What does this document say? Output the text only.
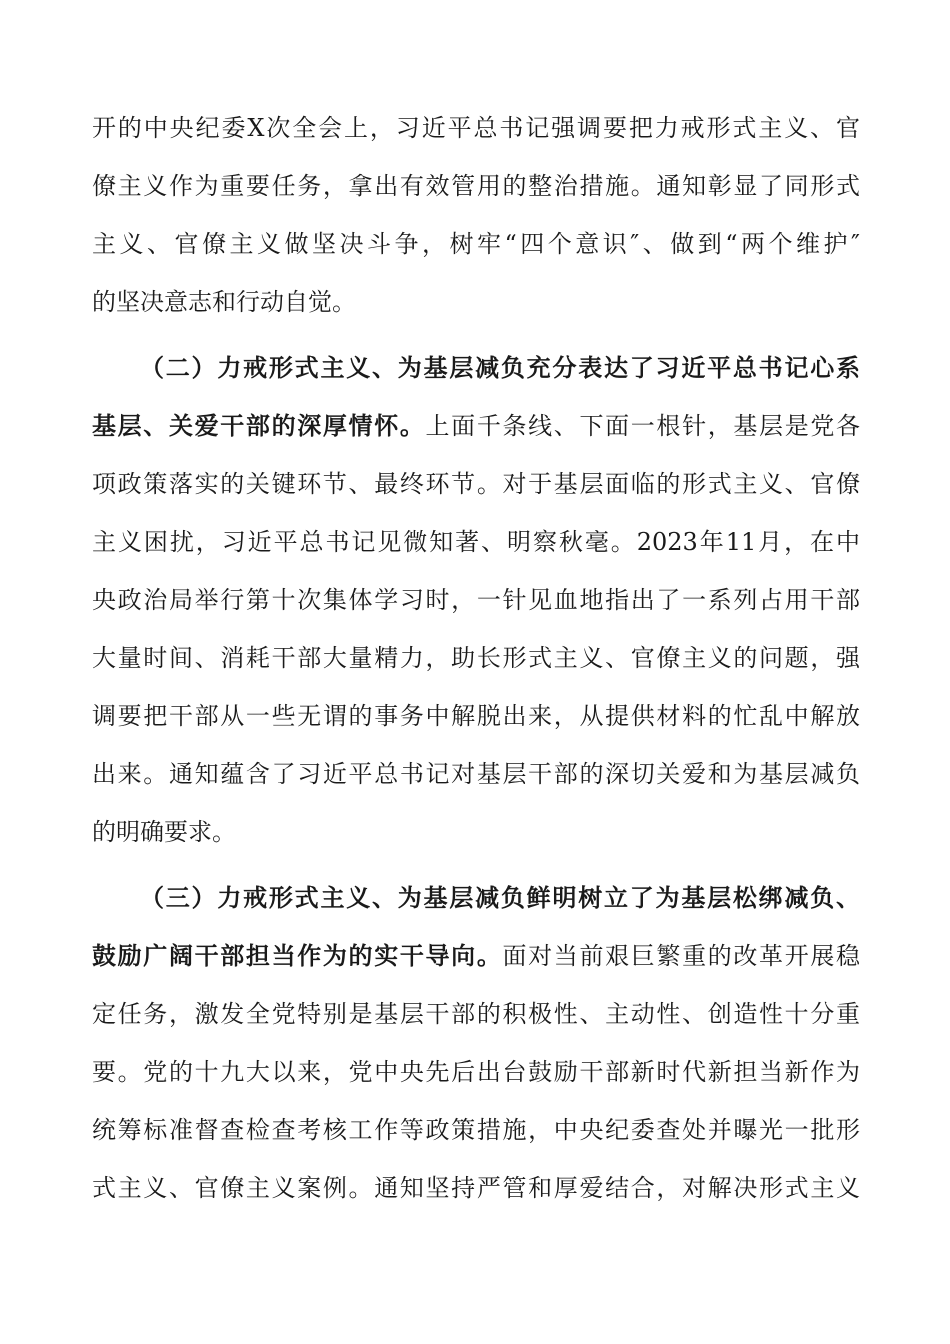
开的中央纪委X次全会上，习近平总书记强调要把力戒形式主义、官
僚主义作为重要任务，拿出有效管用的整治措施。通知彰显了同形式
主义、官僚主义做坚决斗争，树牢“四个意识″、做到“两个维护″
的坚决意志和行动自觉。
（二）力戒形式主义、为基层减负充分表达了习近平总书记心系
基层、关爱干部的深厚情怀。上面千条线、下面一根针，基层是党各
项政策落实的关键环节、最终环节。对于基层面临的形式主义、官僚
主义困扰，习近平总书记见微知著、明察秋毫。2023年11月，在中
央政治局举行第十次集体学习时，一针见血地指出了一系列占用干部
大量时间、消耗干部大量精力，助长形式主义、官僚主义的问题，强
调要把干部从一些无谓的事务中解脱出来，从提供材料的忙乱中解放
出来。通知蕴含了习近平总书记对基层干部的深切关爱和为基层减负
的明确要求。
（三）力戒形式主义、为基层减负鲜明树立了为基层松绑减负、
鼓励广阔干部担当作为的实干导向。面对当前艰巨繁重的改革开展稳
定任务，激发全党特别是基层干部的积极性、主动性、创造性十分重
要。党的十九大以来，党中央先后出台鼓励干部新时代新担当新作为
统筹标准督查检查考核工作等政策措施，中央纪委查处并曝光一批形
式主义、官僚主义案例。通知坚持严管和厚爱结合，对解决形式主义
